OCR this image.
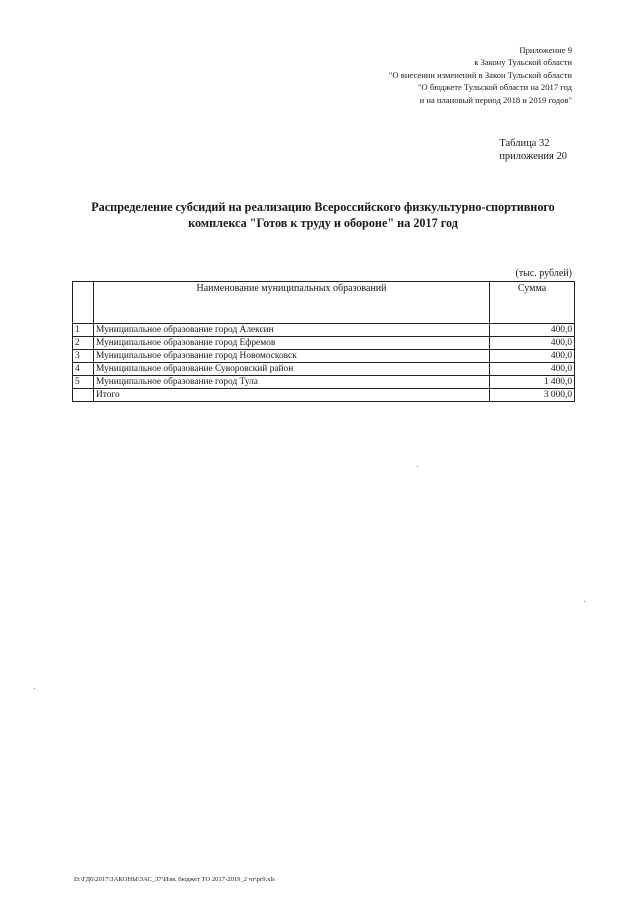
Приложение 9
к Закону Тульской области
"О внесении изменений в Закон Тульской области
"О бюджете Тульской области на 2017 год
и на плановый период 2018 и 2019 годов"
Таблица 32
приложения 20
Распределение субсидий на реализацию Всероссийского физкультурно-спортивного
комплекса "Готов к труду и обороне" на 2017 год
(тыс. рублей)
	Наименование муниципальных образований	Сумма
1	Муниципальное образование город Алексин	400,0
2	Муниципальное образование город Ефремов	400,0
3	Муниципальное образование город Новомосковск	400,0
4	Муниципальное образование Суворовский район	400,0
5	Муниципальное образование город Тула	1 400,0
	Итого	3 000,0
D:\ГД6\2017\ЗАКОНЫ\ЗАС_37\Изм. бюджет ТО 2017-2019_2 чт\pr9.xls
